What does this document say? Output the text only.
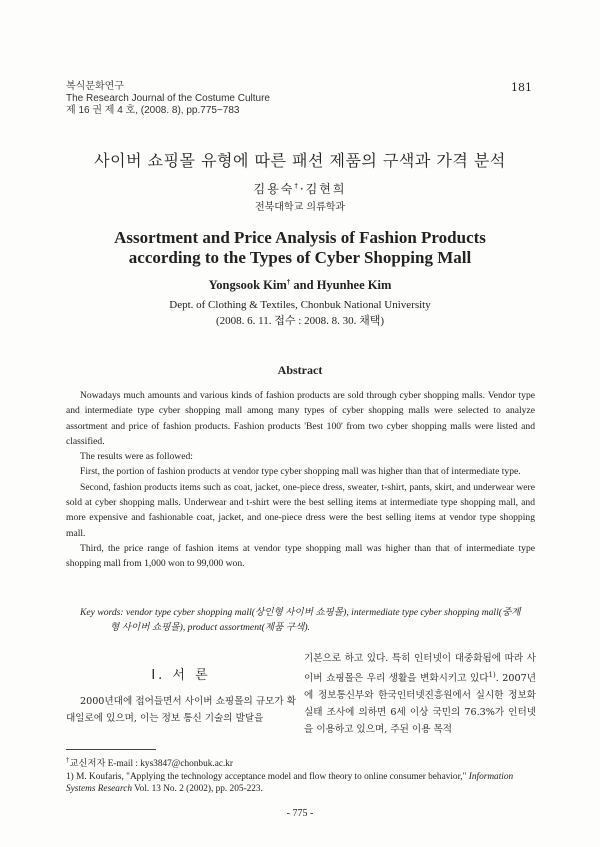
복식문화연구
The Research Journal of the Costume Culture
제 16 권 제 4 호, (2008. 8), pp.775~783
181
사이버 쇼핑몰 유형에 따른 패션 제품의 구색과 가격 분석
김용숙†·김현희
전북대학교 의류학과
Assortment and Price Analysis of Fashion Products
according to the Types of Cyber Shopping Mall
Yongsook Kim† and Hyunhee Kim
Dept. of Clothing & Textiles, Chonbuk National University
(2008. 6. 11. 접수 : 2008. 8. 30. 채택)
Abstract

Nowadays much amounts and various kinds of fashion products are sold through cyber shopping malls. Vendor type and intermediate type cyber shopping mall among many types of cyber shopping malls were selected to analyze assortment and price of fashion products. Fashion products 'Best 100' from two cyber shopping malls were listed and classified.

The results were as followed:

First, the portion of fashion products at vendor type cyber shopping mall was higher than that of intermediate type.

Second, fashion products items such as coat, jacket, one-piece dress, sweater, t-shirt, pants, skirt, and underwear were sold at cyber shopping malls. Underwear and t-shirt were the best selling items at intermediate type shopping mall, and more expensive and fashionable coat, jacket, and one-piece dress were the best selling items at vendor type shopping mall.

Third, the price range of fashion items at vendor type shopping mall was higher than that of intermediate type shopping mall from 1,000 won to 99,000 won.

Key words: vendor type cyber shopping mall(상인형 사이버 쇼핑몰), intermediate type cyber shopping mall(중계
형 사이버 쇼핑몰), product assortment(제품 구색).
Ⅰ. 서 론

2000년대에 접어들면서 사이버 쇼핑몰의 규모가 확대일로에 있으며, 이는 정보 통신 기술의 발달을

기본으로 하고 있다. 특히 인터넷이 대중화됨에 따라 사이버 쇼핑몰은 우리 생활을 변화시키고 있다$^{1)}$. 2007년에 정보통신부와 한국인터넷진흥원에서 실시한 정보화 실태 조사에 의하면 6세 이상 국민의 76.3%가 인터넷을 이용하고 있으며, 주된 이용 목적
†교신저자 E-mail : kys3847@chonbuk.ac.kr
1) M. Koufaris, "Applying the technology acceptance model and flow theory to online consumer behavior," Information Systems Research Vol. 13 No. 2 (2002), pp. 205-223.
- 775 -
